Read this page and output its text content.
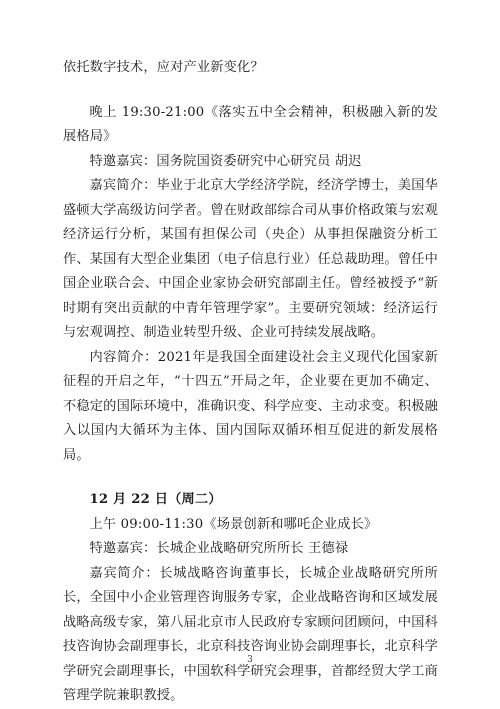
依托数字技术，应对产业新变化？

晚上 19:30-21:00《落实五中全会精神，积极融入新的发展格局》

特邀嘉宾：国务院国资委研究中心研究员 胡迟

嘉宾简介：毕业于北京大学经济学院，经济学博士，美国华盛顿大学高级访问学者。曾在财政部综合司从事价格政策与宏观经济运行分析，某国有担保公司（央企）从事担保融资分析工作、某国有大型企业集团（电子信息行业）任总裁助理。曾任中国企业联合会、中国企业家协会研究部副主任。曾经被授予“新时期有突出贡献的中青年管理学家”。主要研究领域：经济运行与宏观调控、制造业转型升级、企业可持续发展战略。

内容简介：2021年是我国全面建设社会主义现代化国家新征程的开启之年，“十四五”开局之年，企业要在更加不确定、不稳定的国际环境中，准确识变、科学应变、主动求变。积极融入以国内大循环为主体、国内国际双循环相互促进的新发展格局。

12 月 22 日（周二）

上午 09:00-11:30《场景创新和哪吒企业成长》

特邀嘉宾：长城企业战略研究所所长 王德禄

嘉宾简介：长城战略咨询董事长，长城企业战略研究所所长，全国中小企业管理咨询服务专家，企业战略咨询和区域发展战略高级专家，第八届北京市人民政府专家顾问团顾问，中国科技咨询协会副理事长，北京科技咨询业协会副理事长，北京科学学研究会副理事长，中国软科学研究会理事，首都经贸大学工商管理学院兼职教授。

3
